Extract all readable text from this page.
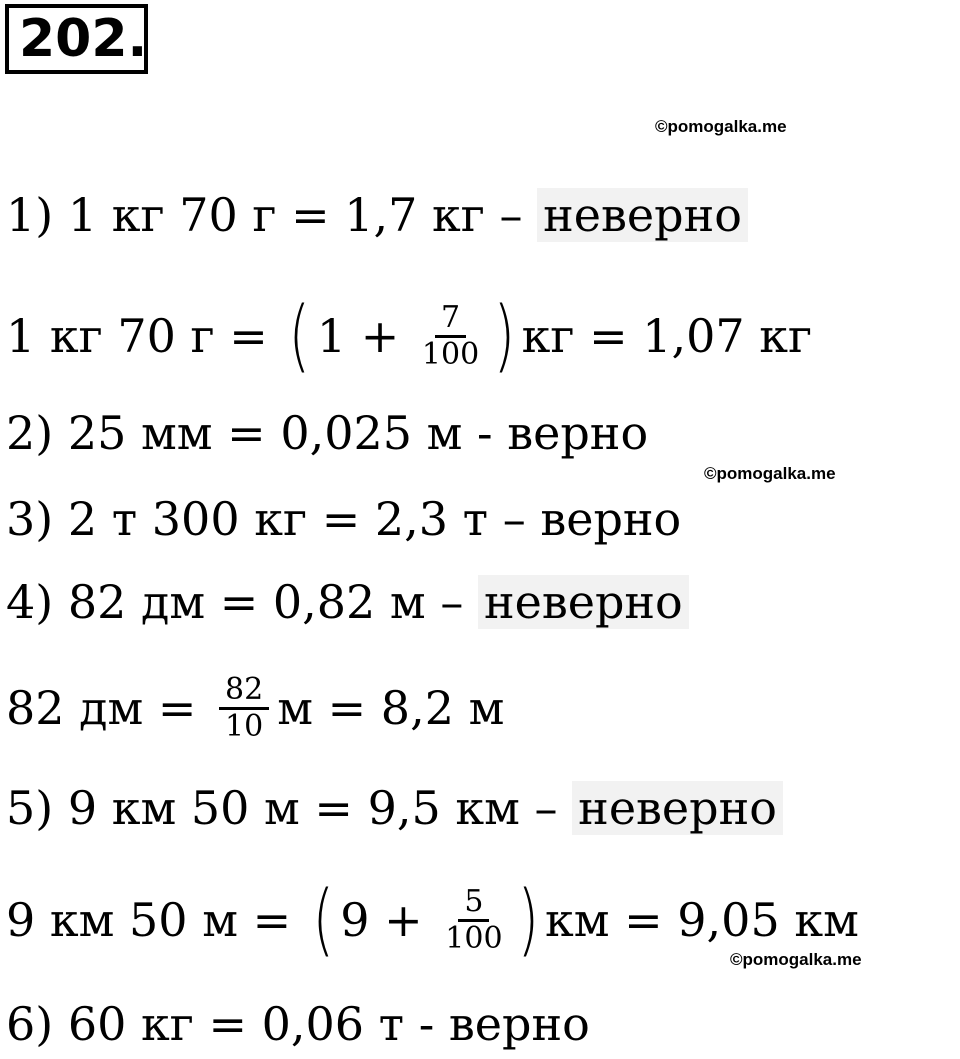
202.
©pomogalka.me
©pomogalka.me
©pomogalka.me
1) 1 кг 70 г = 1,7 кг – неверно
1 кг 70 г = ( $1 + \frac{7}{100}$ ) кг = 1,07 кг
2) 25 мм = 0,025 м - верно
3) 2 т 300 кг = 2,3 т – верно
4) 82 дм = 0,82 м – неверно
82 дм = $\frac{82}{10}$ м = 8,2 м
5) 9 км 50 м = 9,5 км – неверно
9 км 50 м = ( $9 + \frac{5}{100}$ ) км = 9,05 км
6) 60 кг = 0,06 т - верно
